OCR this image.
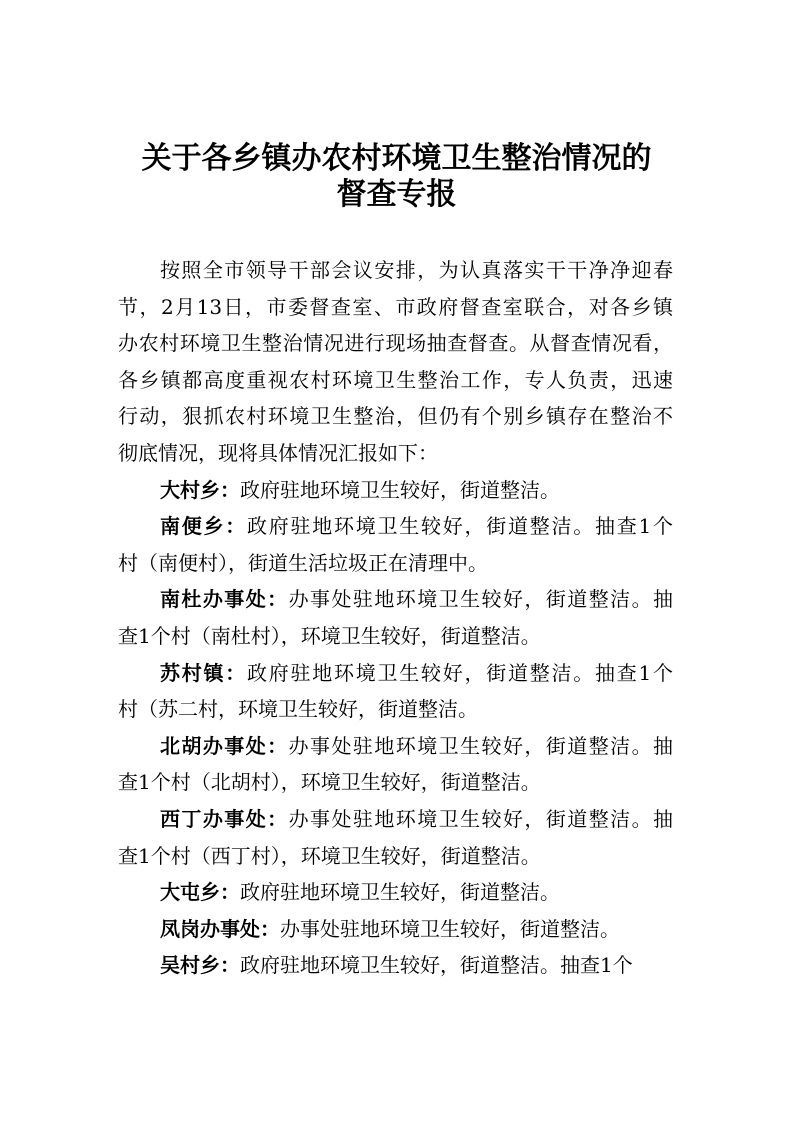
关于各乡镇办农村环境卫生整治情况的
督查专报
按照全市领导干部会议安排，为认真落实干干净净迎春
节，2月13日，市委督查室、市政府督查室联合，对各乡镇
办农村环境卫生整治情况进行现场抽查督查。从督查情况看，
各乡镇都高度重视农村环境卫生整治工作，专人负责，迅速
行动，狠抓农村环境卫生整治，但仍有个别乡镇存在整治不
彻底情况，现将具体情况汇报如下：
大村乡：政府驻地环境卫生较好，街道整洁。
南便乡：政府驻地环境卫生较好，街道整洁。抽查1个
村（南便村），街道生活垃圾正在清理中。
南杜办事处：办事处驻地环境卫生较好，街道整洁。抽
查1个村（南杜村），环境卫生较好，街道整洁。
苏村镇：政府驻地环境卫生较好，街道整洁。抽查1个
村（苏二村，环境卫生较好，街道整洁。
北胡办事处：办事处驻地环境卫生较好，街道整洁。抽
查1个村（北胡村），环境卫生较好，街道整洁。
西丁办事处：办事处驻地环境卫生较好，街道整洁。抽
查1个村（西丁村），环境卫生较好，街道整洁。
大屯乡：政府驻地环境卫生较好，街道整洁。
凤岗办事处：办事处驻地环境卫生较好，街道整洁。
吴村乡：政府驻地环境卫生较好，街道整洁。抽查1个
